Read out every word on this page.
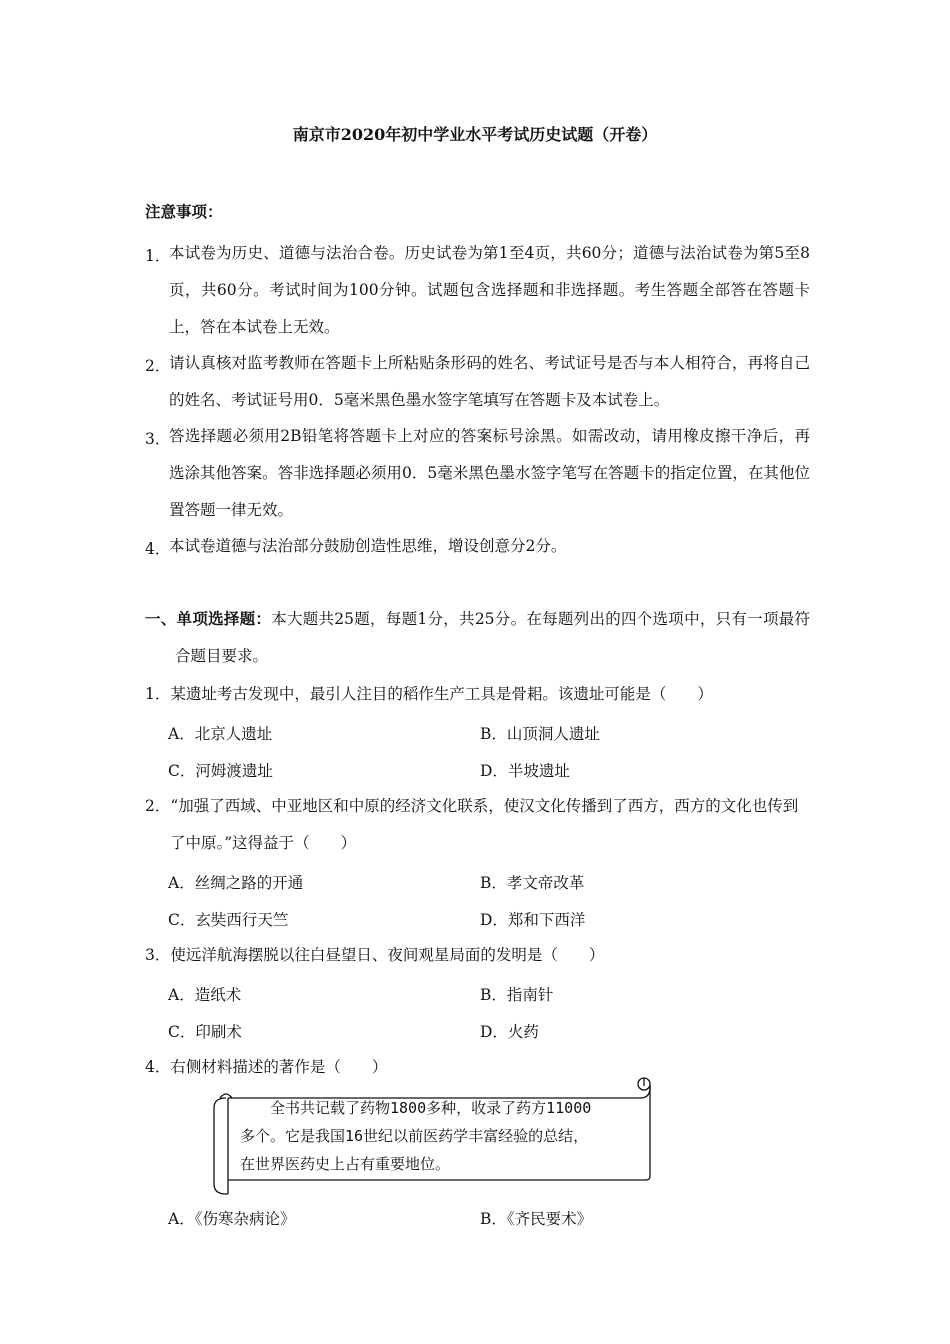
南京市2020年初中学业水平考试历史试题（开卷）
注意事项：
1．
本试卷为历史、道德与法治合卷。历史试卷为第1至4页，共60分；道德与法治试卷为第5至8页，共60分。考试时间为100分钟。试题包含选择题和非选择题。考生答题全部答在答题卡上，答在本试卷上无效。
2．
请认真核对监考教师在答题卡上所粘贴条形码的姓名、考试证号是否与本人相符合，再将自己的姓名、考试证号用0．5毫米黑色墨水签字笔填写在答题卡及本试卷上。
3．
答选择题必须用2B铅笔将答题卡上对应的答案标号涂黑。如需改动，请用橡皮擦干净后，再选涂其他答案。答非选择题必须用0．5毫米黑色墨水签字笔写在答题卡的指定位置，在其他位置答题一律无效。
4．
本试卷道德与法治部分鼓励创造性思维，增设创意分2分。
一、单项选择题：本大题共25题，每题1分，共25分。在每题列出的四个选项中，只有一项最符合题目要求。
1．某遗址考古发现中，最引人注目的稻作生产工具是骨耜。该遗址可能是（　　）
A．北京人遗址	B．山顶洞人遗址
C．河姆渡遗址	D．半坡遗址
2．“加强了西域、中亚地区和中原的经济文化联系，使汉文化传播到了西方，西方的文化也传到了中原。”这得益于（　　）
A．丝绸之路的开通	B．孝文帝改革
C．玄奘西行天竺	D．郑和下西洋
3．使远洋航海摆脱以往白昼望日、夜间观星局面的发明是（　　）
A．造纸术	B．指南针
C．印刷术	D．火药
4．右侧材料描述的著作是（　　）
全书共记载了药物1800多种，收录了药方11000
多个。它是我国16世纪以前医药学丰富经验的总结，
在世界医药史上占有重要地位。
A．《伤寒杂病论》	B．《齐民要术》
